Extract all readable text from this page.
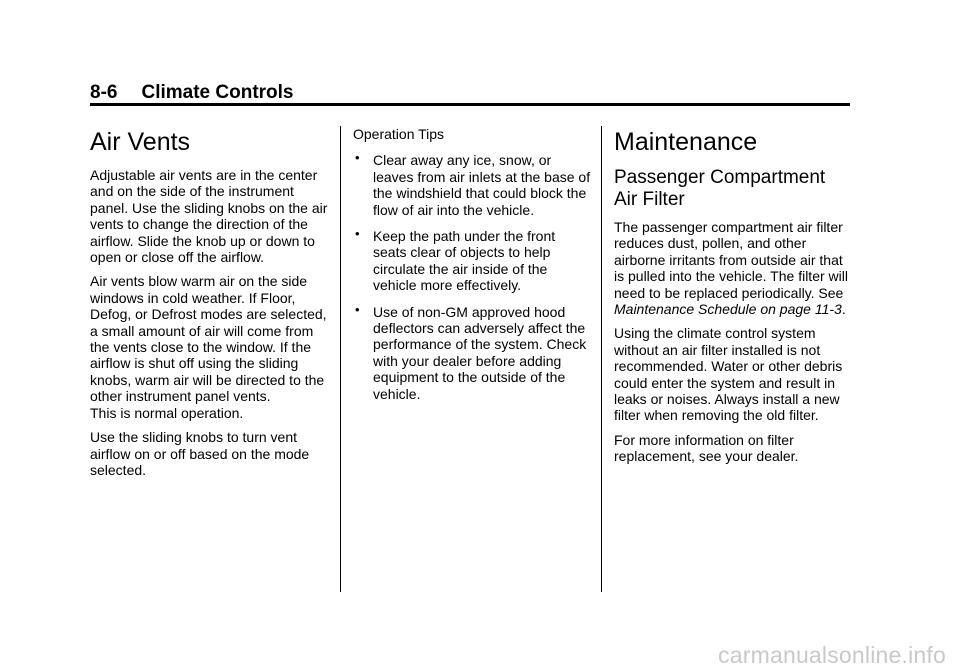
8-6 Climate Controls
Air Vents

Adjustable air vents are in the center and on the side of the instrument panel. Use the sliding knobs on the air vents to change the direction of the airflow. Slide the knob up or down to open or close off the airflow.

Air vents blow warm air on the side windows in cold weather. If Floor, Defog, or Defrost modes are selected, a small amount of air will come from the vents close to the window. If the airflow is shut off using the sliding knobs, warm air will be directed to the other instrument panel vents.

This is normal operation.

Use the sliding knobs to turn vent airflow on or off based on the mode selected.

Operation Tips

• Clear away any ice, snow, or leaves from air inlets at the base of the windshield that could block the flow of air into the vehicle.
• Keep the path under the front seats clear of objects to help circulate the air inside of the vehicle more effectively.
• Use of non-GM approved hood deflectors can adversely affect the performance of the system. Check with your dealer before adding equipment to the outside of the vehicle.
Maintenance
Passenger Compartment Air Filter

The passenger compartment air filter reduces dust, pollen, and other airborne irritants from outside air that is pulled into the vehicle. The filter will need to be replaced periodically. See Maintenance Schedule on page 11-3.

Using the climate control system without an air filter installed is not recommended. Water or other debris could enter the system and result in leaks or noises. Always install a new filter when removing the old filter.

For more information on filter replacement, see your dealer.

carmanualsonline.info
